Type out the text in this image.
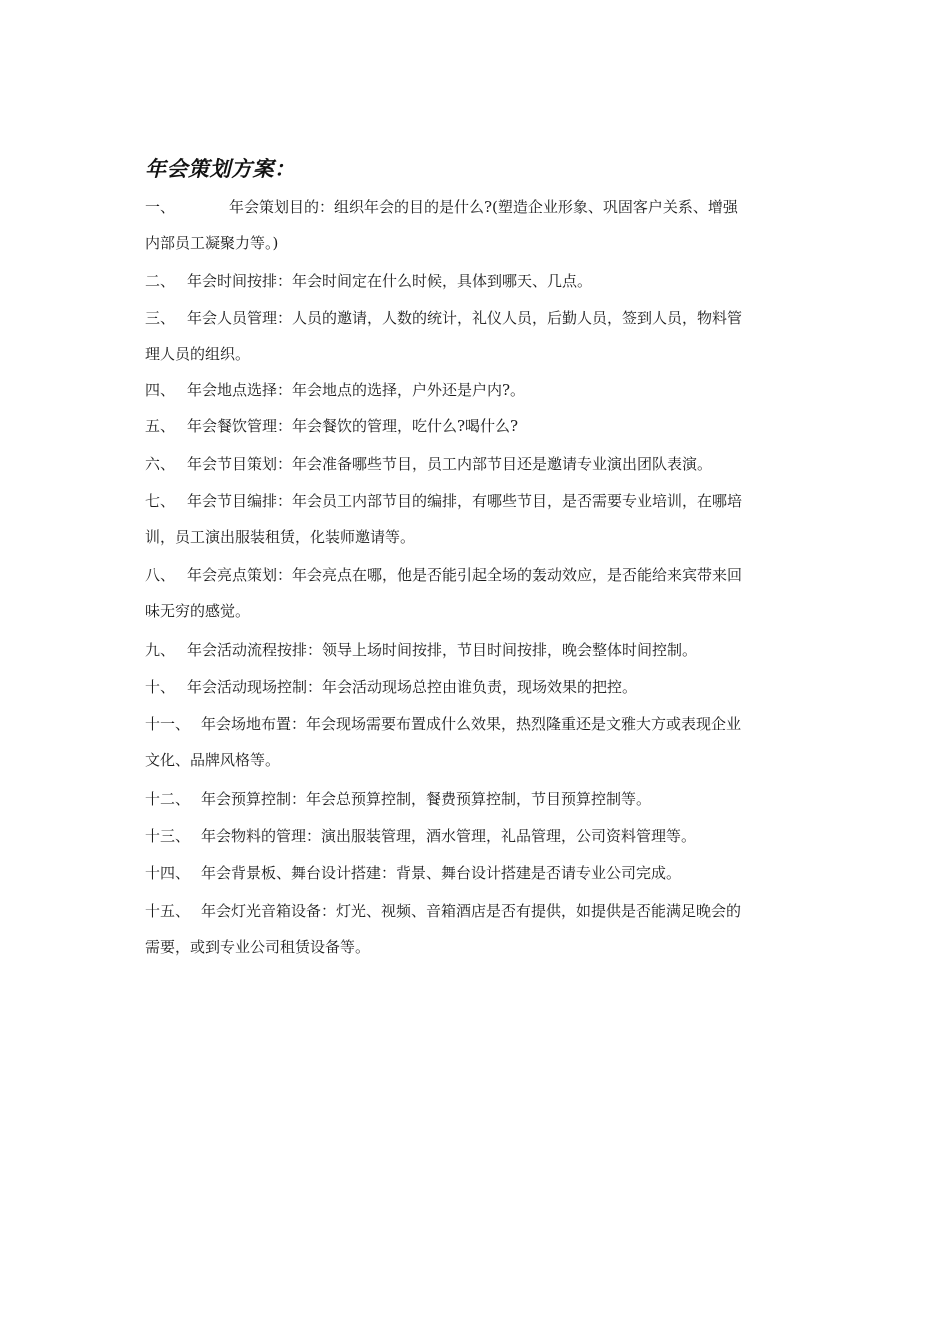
年会策划方案：
一、	年会策划目的：组织年会的目的是什么?(塑造企业形象、巩固客户关系、增强
内部员工凝聚力等。)
二、 年会时间按排：年会时间定在什么时候，具体到哪天、几点。
三、 年会人员管理：人员的邀请，人数的统计，礼仪人员，后勤人员，签到人员，物料管
理人员的组织。
四、 年会地点选择：年会地点的选择，户外还是户内?。
五、 年会餐饮管理：年会餐饮的管理，吃什么?喝什么?
六、 年会节目策划：年会准备哪些节目，员工内部节目还是邀请专业演出团队表演。
七、 年会节目编排：年会员工内部节目的编排，有哪些节目，是否需要专业培训，在哪培
训，员工演出服装租赁，化装师邀请等。
八、 年会亮点策划：年会亮点在哪，他是否能引起全场的轰动效应，是否能给来宾带来回
味无穷的感觉。
九、 年会活动流程按排：领导上场时间按排，节目时间按排，晚会整体时间控制。
十、 年会活动现场控制：年会活动现场总控由谁负责，现场效果的把控。
十一、 年会场地布置：年会现场需要布置成什么效果，热烈隆重还是文雅大方或表现企业
文化、品牌风格等。
十二、 年会预算控制：年会总预算控制，餐费预算控制，节目预算控制等。
十三、 年会物料的管理：演出服装管理，酒水管理，礼品管理，公司资料管理等。
十四、 年会背景板、舞台设计搭建：背景、舞台设计搭建是否请专业公司完成。
十五、 年会灯光音箱设备：灯光、视频、音箱酒店是否有提供，如提供是否能满足晚会的
需要，或到专业公司租赁设备等。
